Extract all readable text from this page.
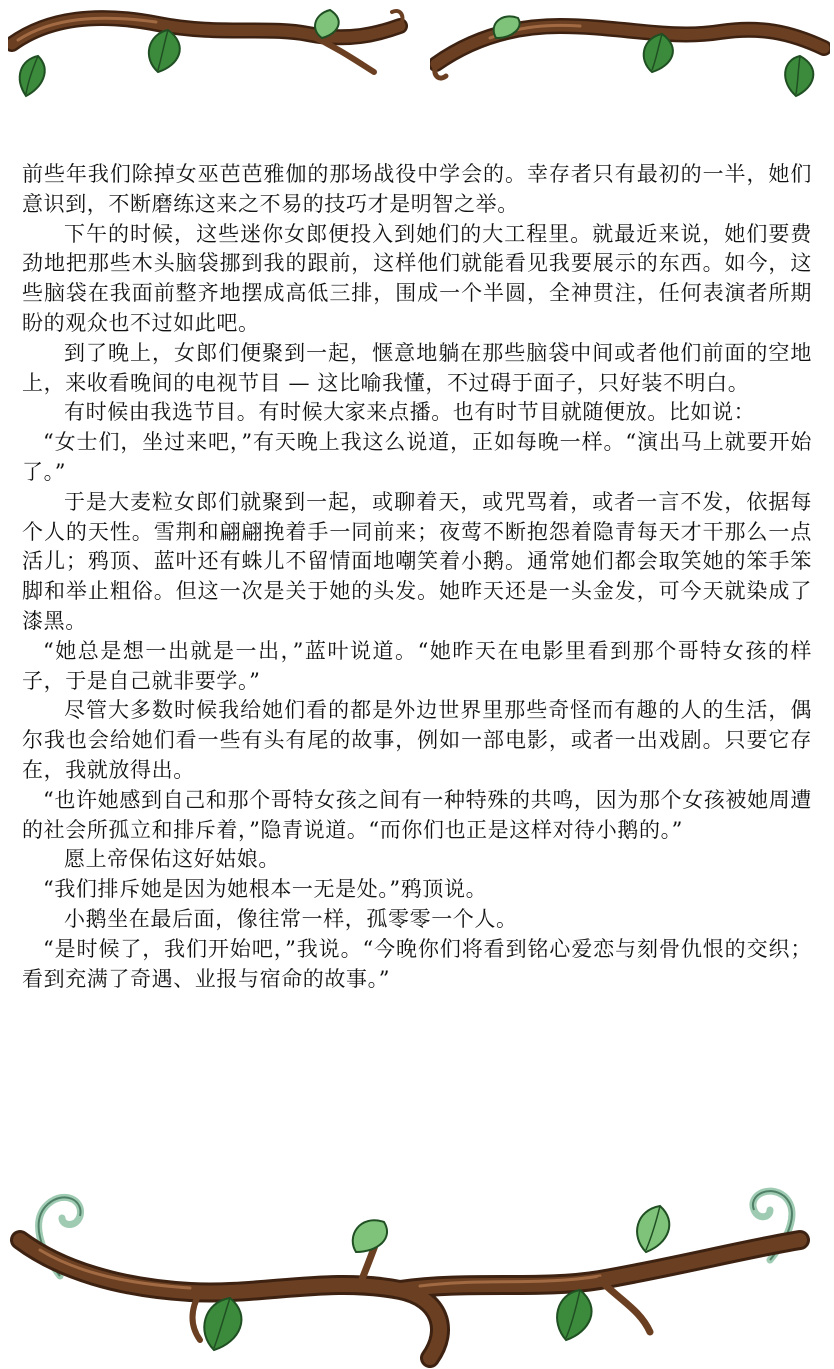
前些年我们除掉女巫芭芭雅伽的那场战役中学会的。幸存者只有最初的一半，她们意识到，不断磨练这来之不易的技巧才是明智之举。

下午的时候，这些迷你女郎便投入到她们的大工程里。就最近来说，她们要费劲地把那些木头脑袋挪到我的跟前，这样他们就能看见我要展示的东西。如今，这些脑袋在我面前整齐地摆成高低三排，围成一个半圆，全神贯注，任何表演者所期盼的观众也不过如此吧。

到了晚上，女郎们便聚到一起，惬意地躺在那些脑袋中间或者他们前面的空地上，来收看晚间的电视节目 — 这比喻我懂，不过碍于面子，只好装不明白。

有时候由我选节目。有时候大家来点播。也有时节目就随便放。比如说：

“女士们，坐过来吧，”有天晚上我这么说道，正如每晚一样。“演出马上就要开始了。”

于是大麦粒女郎们就聚到一起，或聊着天，或咒骂着，或者一言不发，依据每个人的天性。雪荆和翩翩挽着手一同前来；夜莺不断抱怨着隐青每天才干那么一点活儿；鸦顶、蓝叶还有蛛儿不留情面地嘲笑着小鹅。通常她们都会取笑她的笨手笨脚和举止粗俗。但这一次是关于她的头发。她昨天还是一头金发，可今天就染成了漆黑。

“她总是想一出就是一出，”蓝叶说道。“她昨天在电影里看到那个哥特女孩的样子，于是自己就非要学。”

尽管大多数时候我给她们看的都是外边世界里那些奇怪而有趣的人的生活，偶尔我也会给她们看一些有头有尾的故事，例如一部电影，或者一出戏剧。只要它存在，我就放得出。

“也许她感到自己和那个哥特女孩之间有一种特殊的共鸣，因为那个女孩被她周遭的社会所孤立和排斥着，”隐青说道。“而你们也正是这样对待小鹅的。”

愿上帝保佑这好姑娘。

“我们排斥她是因为她根本一无是处。”鸦顶说。

小鹅坐在最后面，像往常一样，孤零零一个人。

“是时候了，我们开始吧，”我说。“今晚你们将看到铭心爱恋与刻骨仇恨的交织；看到充满了奇遇、业报与宿命的故事。”
